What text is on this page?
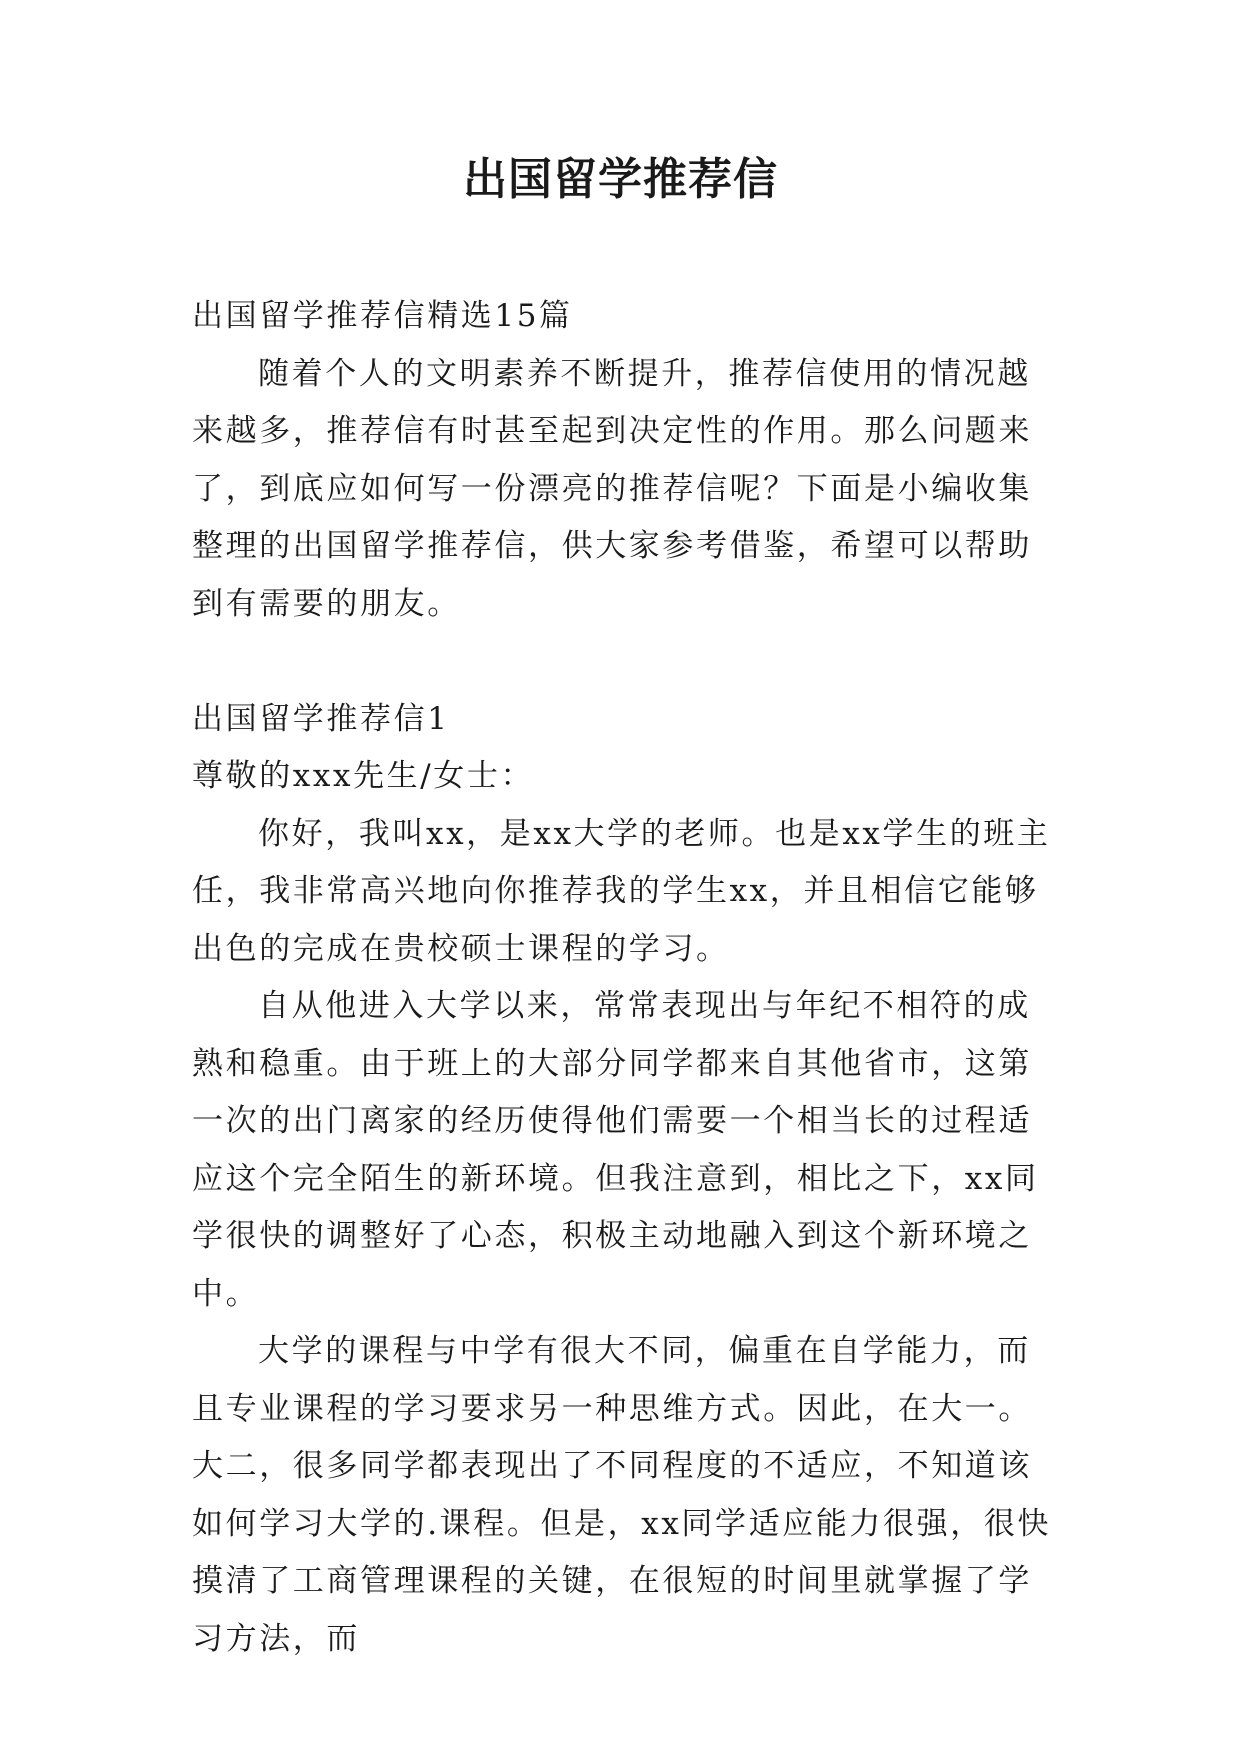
出国留学推荐信

出国留学推荐信精选15篇

随着个人的文明素养不断提升，推荐信使用的情况越来越多，推荐信有时甚至起到决定性的作用。那么问题来了，到底应如何写一份漂亮的推荐信呢？下面是小编收集整理的出国留学推荐信，供大家参考借鉴，希望可以帮助到有需要的朋友。

出国留学推荐信1

尊敬的xxx先生/女士：

你好，我叫xx，是xx大学的老师。也是xx学生的班主任，我非常高兴地向你推荐我的学生xx，并且相信它能够出色的完成在贵校硕士课程的学习。

自从他进入大学以来，常常表现出与年纪不相符的成熟和稳重。由于班上的大部分同学都来自其他省市，这第一次的出门离家的经历使得他们需要一个相当长的过程适应这个完全陌生的新环境。但我注意到，相比之下，xx同学很快的调整好了心态，积极主动地融入到这个新环境之中。

大学的课程与中学有很大不同，偏重在自学能力，而且专业课程的学习要求另一种思维方式。因此，在大一。大二，很多同学都表现出了不同程度的不适应，不知道该如何学习大学的.课程。但是，xx同学适应能力很强，很快摸清了工商管理课程的关键，在很短的时间里就掌握了学习方法，而
